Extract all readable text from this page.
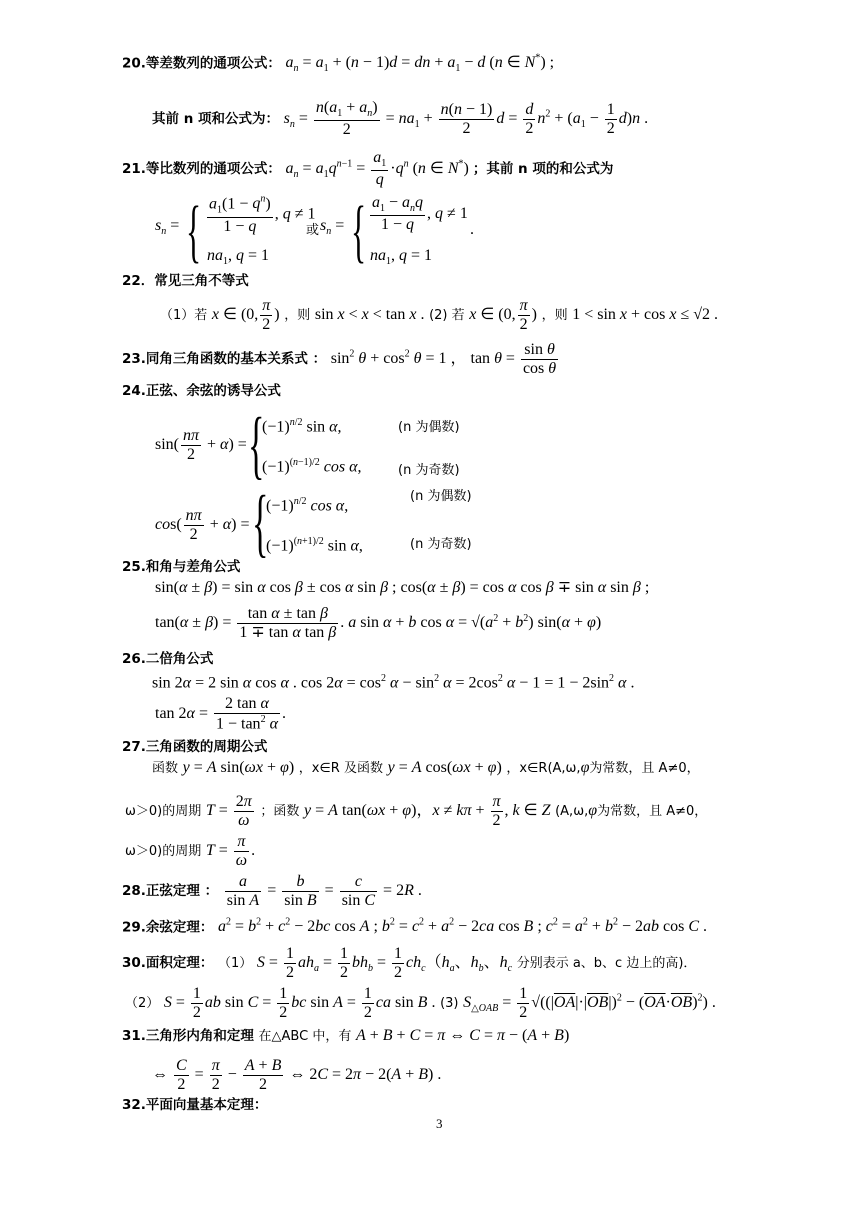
20.等差数列的通项公式： $a_n = a_1 + (n - 1)d$ = dn + $a_1 - d$ (n ∈ N*) ;
其前 n 项和公式为： $s_n = \frac{n(a_1 + a_n)}{2} = na_1 + \frac{n(n - 1)}{2}$ $d = \frac{d}{2} n^2 + (a_1 - \frac{1}{2} d)n$ .
21.等比数列的通项公式： $a_n = a_1q^{n-1} = \frac{a_1}{q} \cdot q^n$ (n ∈ N*) ；其前 n 项的和公式为
$s_n$ = { $\frac{a_1(1 - q^n)}{1 - q}$ , q ≠ 1
$na_1$, q = 1
或 $s_n$ = { $\frac{a_1 - a_nq}{1 - q}$ , q ≠ 1
$na_1$, q = 1
.
22．常见三角不等式
（1）若 x ∈ (0, $\frac{\pi}{2}$ ) ，则 sin x < x < tan x . (2) 若 x ∈ (0, $\frac{\pi}{2}$ ) ，则 1 < sin x + cos x ≤ √2 .
23.同角三角函数的基本关系式 ： $\sin^2 \theta + \cos^2 \theta = 1$ ， $\tan \theta = \frac{\text{sin θ}}{\text{cos θ}}$
24.正弦、余弦的诱导公式
$\sin( \frac{n\pi}{2} + \alpha)$ = {
$(-1)^{n/2}$ sin α,
$(-1)^{(n-1)/2}$ cos α,
(n 为偶数)
(n 为奇数)
$\cos( \frac{n\pi}{2} + \alpha)$ = {
$(-1)^{n/2}$ cos α,
$(-1)^{(n+1)/2}$ sin α,
(n 为偶数)
(n 为奇数)
25.和角与差角公式
sin(α ± β) = sin α cos β ± cos α sin β ; cos(α ± β) = cos α cos β ∓ sin α sin β ;
$\tan(\alpha \pm \beta) = \frac{\text{tan α ± tan β}}{\text{1 ∓ tan α tan β}}$ . a sin α + b $\cos \alpha = √(a^2 + b^2) \sin(\alpha + \varphi)$
26.二倍角公式
sin 2α = 2 sin α cos α . $\cos 2\alpha = \cos^2 \alpha - \sin^2 \alpha = 2\cos^2$ $\alpha - 1 = 1 - 2\sin^2$ α .
$\tan 2\alpha = \frac{\text{2 tan α}}{1 - \tan^2 \alpha}$ .
27.三角函数的周期公式
函数 y = A sin(ωx + φ) ，x∈R 及函数 y = A cos(ωx + φ) ，x∈R(A,ω,φ为常数，且 A≠0，
ω＞0)的周期 $T = \frac{2\pi}{\omega}$ ；函数 y = A tan(ωx + φ)，$x \ne k\pi + \frac{\pi}{2}$ , k ∈ Z (A,ω,φ为常数，且 A≠0，
ω＞0)的周期 $T = \frac{\pi}{\omega}$ .
28.正弦定理 ： $\frac{a}{\text{sin A}} = \frac{b}{\text{sin B}} = \frac{c}{\text{sin C}} = 2R$ .
29.余弦定理： $a^2 = b^2 + c^2 - 2bc$ cos A ; $b^2 = c^2 + a^2 - 2ca$ cos B ; $c^2 = a^2 + b^2 - 2ab$ cos C .
30.面积定理： （1） $S = \frac{1}{2} ah_a = \frac{1}{2} bh_b = \frac{1}{2} ch_c(h_a$、$h_b$、$h_c$ 分别表示 a、b、c 边上的高)．
（2） $S = \frac{1}{2}$ ab $\sin C = \frac{1}{2}$ bc $\sin A = \frac{1}{2}$ ca sin B . (3) $S_{\triangle OAB} = \frac{1}{2} √((|\overline{OA}|\cdot|\overline{OB}|)^2 - (\overline{OA}\cdot\overline{OB})^2)$ .
31.三角形内角和定理 在△ABC 中，有 A + B + C = π ⇔ C = π − (A + B)
⇔ $\frac{C}{2} = \frac{\pi}{2} - \frac{A + B}{2}$ ⇔ 2C = 2π − 2(A + B) .
32.平面向量基本定理：
3
